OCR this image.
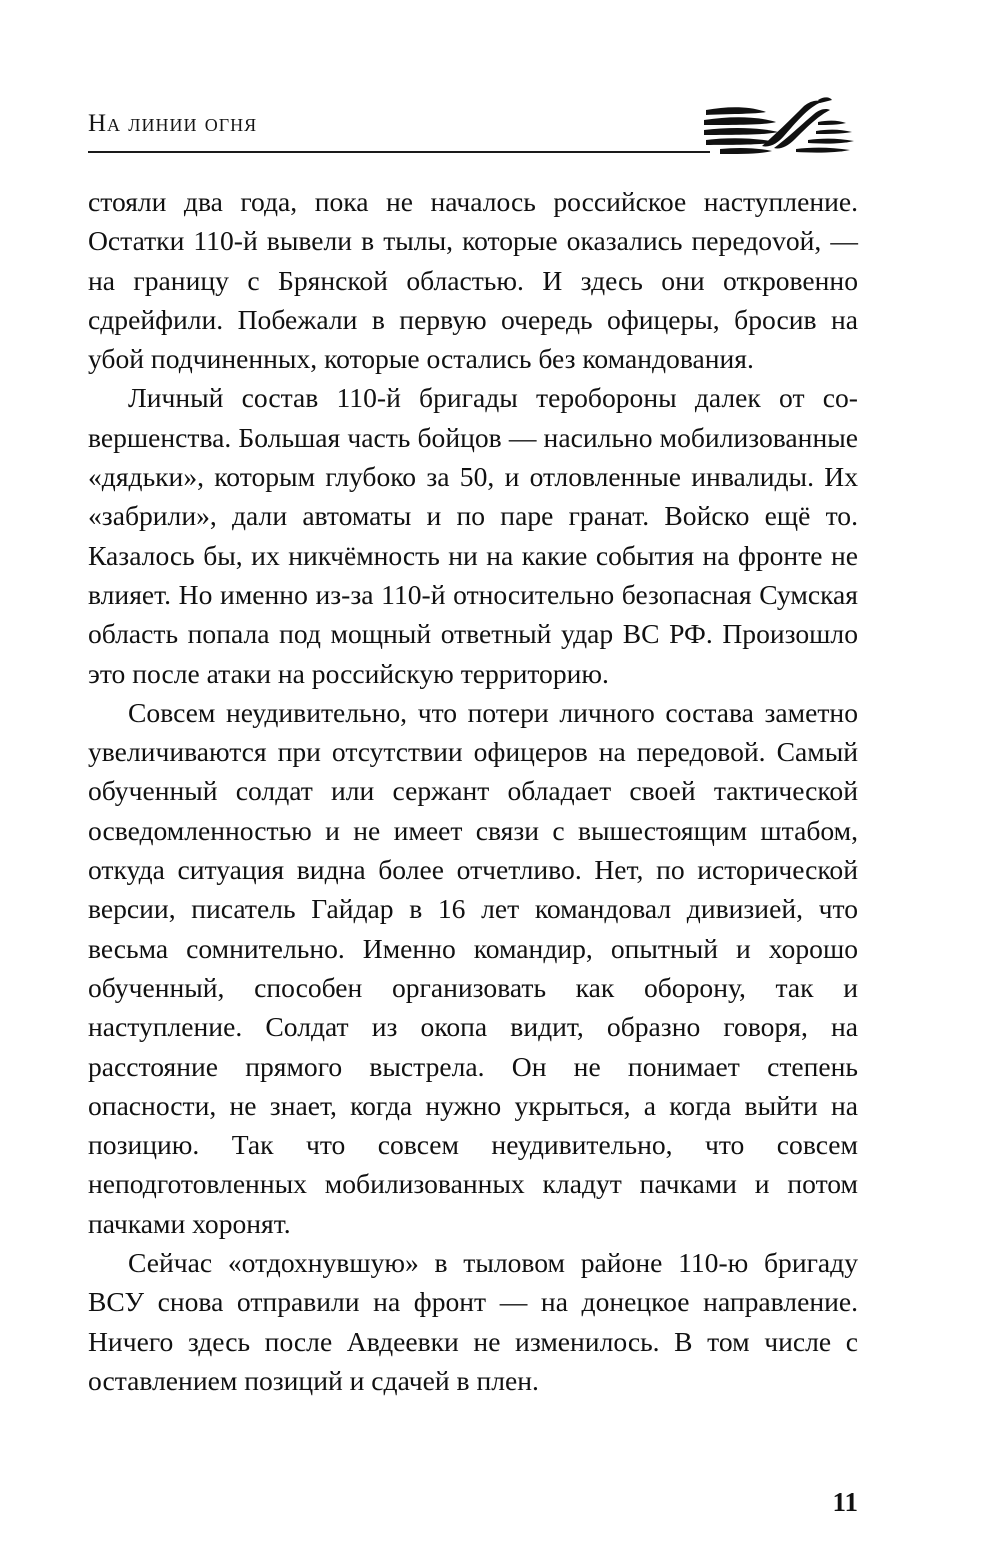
На линии огня

стояли два года, пока не началось российское наступление. Остатки 110-й вывели в тылы, которые оказались передоvой, — на границу с Брянской областью. И здесь они откровенно сдрейфили. Побежали в первую очередь офицеры, бросив на убой подчиненных, которые остались без командования.

Личный состав 110-й бригады теробороны далек от совершенства. Большая часть бойцов — насильно мобилизованные «дядьки», которым глубоко за 50, и отловленные инвалиды. Их «забрили», дали автоматы и по паре гранат. Войско ещё то. Казалось бы, их никчёмность ни на какие события на фронте не влияет. Но именно из-за 110-й относительно безопасная Сумская область попала под мощный ответный удар ВС РФ. Произошло это после атаки на российскую территорию.

Совсем неудивительно, что потери личного состава заметно увеличиваются при отсутствии офицеров на передовой. Самый обученный солдат или сержант обладает своей тактической осведомленностью и не имеет связи с вышестоящим штабом, откуда ситуация видна более отчетливо. Нет, по исторической версии, писатель Гайдар в 16 лет командовал дивизией, что весьма сомнительно. Именно командир, опытный и хорошо обученный, способен организовать как оборону, так и наступление. Солдат из окопа видит, образно говоря, на расстояние прямого выстрела. Он не понимает степень опасности, не знает, когда нужно укрыться, а когда выйти на позицию. Так что совсем неудивительно, что совсем неподготовленных мобилизованных кладут пачками и потом пачками хоронят.

Сейчас «отдохнувшую» в тыловом районе 110-ю бригаду ВСУ снова отправили на фронт — на донецкое направление. Ничего здесь после Авдеевки не изменилось. В том числе с оставлением позиций и сдачей в плен.

11
